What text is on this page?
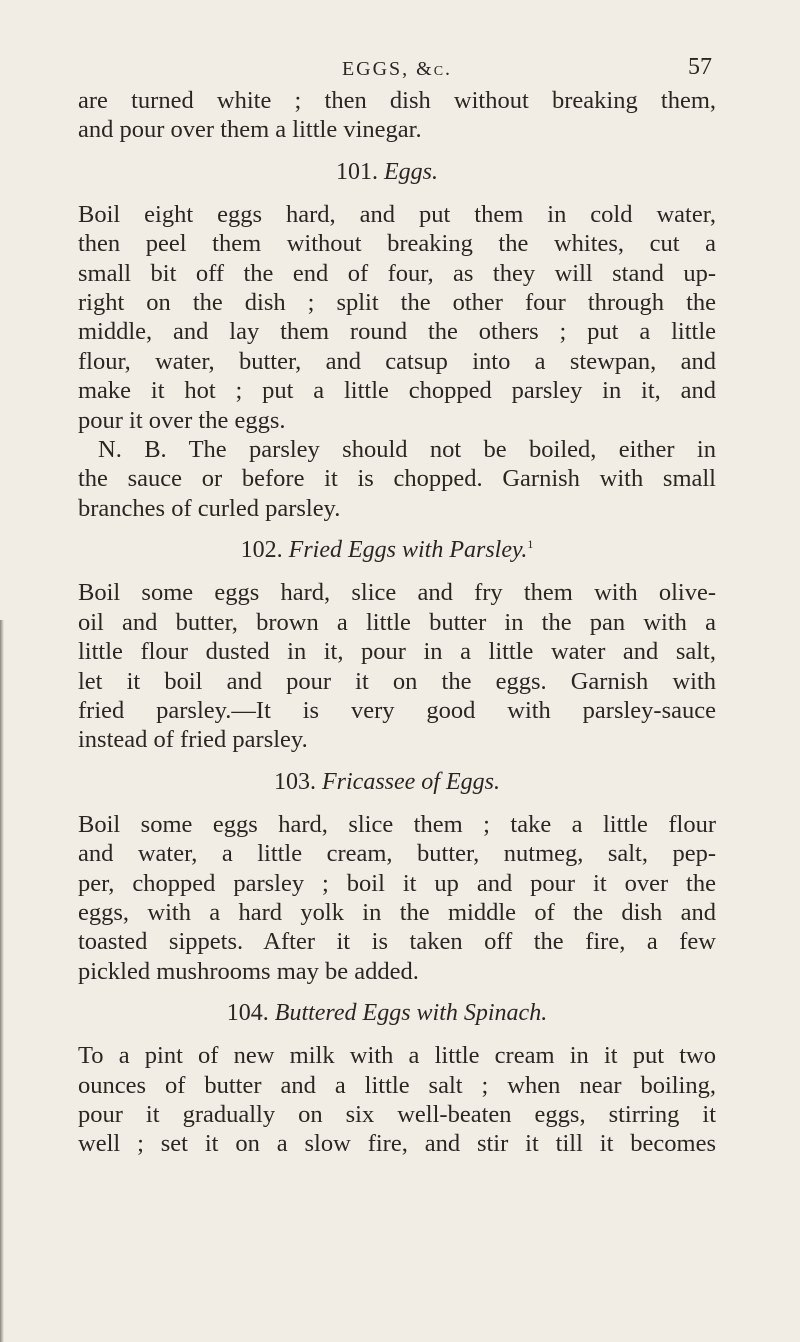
EGGS, &c.	57

are turned white ; then dish without breaking them,
and pour over them a little vinegar.

101. Eggs.

Boil eight eggs hard, and put them in cold water,
then peel them without breaking the whites, cut a
small bit off the end of four, as they will stand up-
right on the dish ; split the other four through the
middle, and lay them round the others ; put a little
flour, water, butter, and catsup into a stewpan, and
make it hot ; put a little chopped parsley in it, and
pour it over the eggs.

N. B. The parsley should not be boiled, either in
the sauce or before it is chopped. Garnish with small
branches of curled parsley.

102. Fried Eggs with Parsley.$^1$

Boil some eggs hard, slice and fry them with olive-
oil and butter, brown a little butter in the pan with a
little flour dusted in it, pour in a little water and salt,
let it boil and pour it on the eggs. Garnish with
fried parsley.—It is very good with parsley-sauce
instead of fried parsley.

103. Fricassee of Eggs.

Boil some eggs hard, slice them ; take a little flour
and water, a little cream, butter, nutmeg, salt, pep-
per, chopped parsley ; boil it up and pour it over the
eggs, with a hard yolk in the middle of the dish and
toasted sippets. After it is taken off the fire, a few
pickled mushrooms may be added.

104. Buttered Eggs with Spinach.

To a pint of new milk with a little cream in it put two
ounces of butter and a little salt ; when near boiling,
pour it gradually on six well-beaten eggs, stirring it
well ; set it on a slow fire, and stir it till it becomes
